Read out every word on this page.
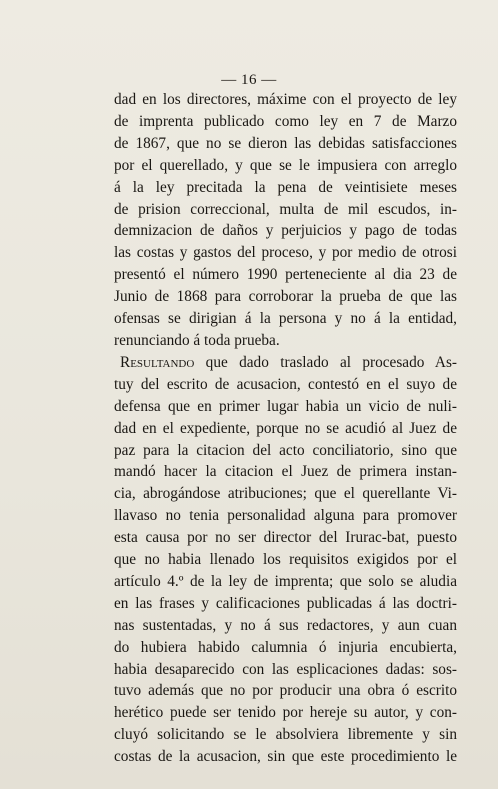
— 16 —
dad en los directores, máxime con el proyecto de ley
de imprenta publicado como ley en 7 de Marzo
de 1867, que no se dieron las debidas satisfacciones
por el querellado, y que se le impusiera con arreglo
á la ley precitada la pena de veintisiete meses
de prision correccional, multa de mil escudos, in-
demnizacion de daños y perjuicios y pago de todas
las costas y gastos del proceso, y por medio de otrosi
presentó el número 1990 perteneciente al dia 23 de
Junio de 1868 para corroborar la prueba de que las
ofensas se dirigian á la persona y no á la entidad,
renunciando á toda prueba.
Resultando que dado traslado al procesado As-
tuy del escrito de acusacion, contestó en el suyo de
defensa que en primer lugar habia un vicio de nuli-
dad en el expediente, porque no se acudió al Juez de
paz para la citacion del acto conciliatorio, sino que
mandó hacer la citacion el Juez de primera instan-
cia, abrogándose atribuciones; que el querellante Vi-
llavaso no tenia personalidad alguna para promover
esta causa por no ser director del Irurac-bat, puesto
que no habia llenado los requisitos exigidos por el
artículo 4.º de la ley de imprenta; que solo se aludia
en las frases y calificaciones publicadas á las doctri-
nas sustentadas, y no á sus redactores, y aun cuan
do hubiera habido calumnia ó injuria encubierta,
habia desaparecido con las esplicaciones dadas: sos-
tuvo además que no por producir una obra ó escrito
herético puede ser tenido por hereje su autor, y con-
cluyó solicitando se le absolviera libremente y sin
costas de la acusacion, sin que este procedimiento le
